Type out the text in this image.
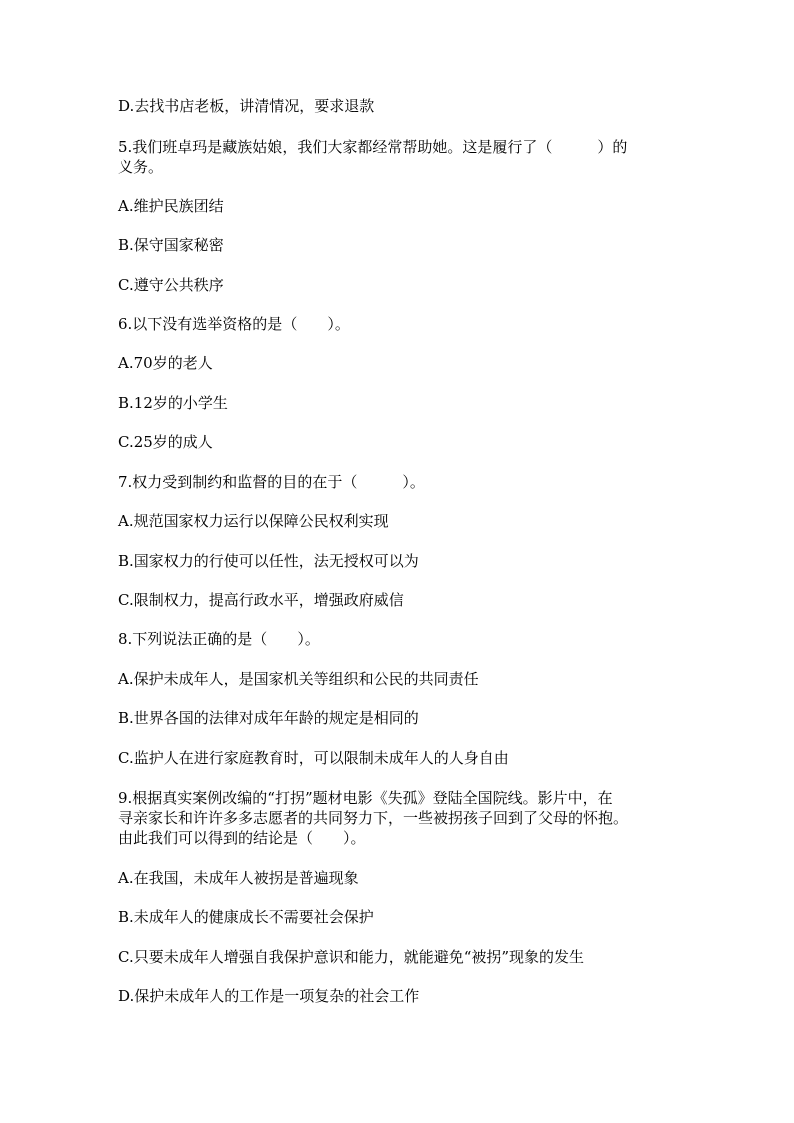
D.去找书店老板，讲清情况，要求退款
5.我们班卓玛是藏族姑娘，我们大家都经常帮助她。这是履行了（　　　）的
义务。
A.维护民族团结
B.保守国家秘密
C.遵守公共秩序
6.以下没有选举资格的是（　　）。
A.70岁的老人
B.12岁的小学生
C.25岁的成人
7.权力受到制约和监督的目的在于（　　　）。
A.规范国家权力运行以保障公民权利实现
B.国家权力的行使可以任性，法无授权可以为
C.限制权力，提高行政水平，增强政府威信
8.下列说法正确的是（　　）。
A.保护未成年人，是国家机关等组织和公民的共同责任
B.世界各国的法律对成年年龄的规定是相同的
C.监护人在进行家庭教育时，可以限制未成年人的人身自由
9.根据真实案例改编的“打拐”题材电影《失孤》登陆全国院线。影片中，在
寻亲家长和许许多多志愿者的共同努力下，一些被拐孩子回到了父母的怀抱。
由此我们可以得到的结论是（　　）。
A.在我国，未成年人被拐是普遍现象
B.未成年人的健康成长不需要社会保护
C.只要未成年人增强自我保护意识和能力，就能避免“被拐”现象的发生
D.保护未成年人的工作是一项复杂的社会工作
